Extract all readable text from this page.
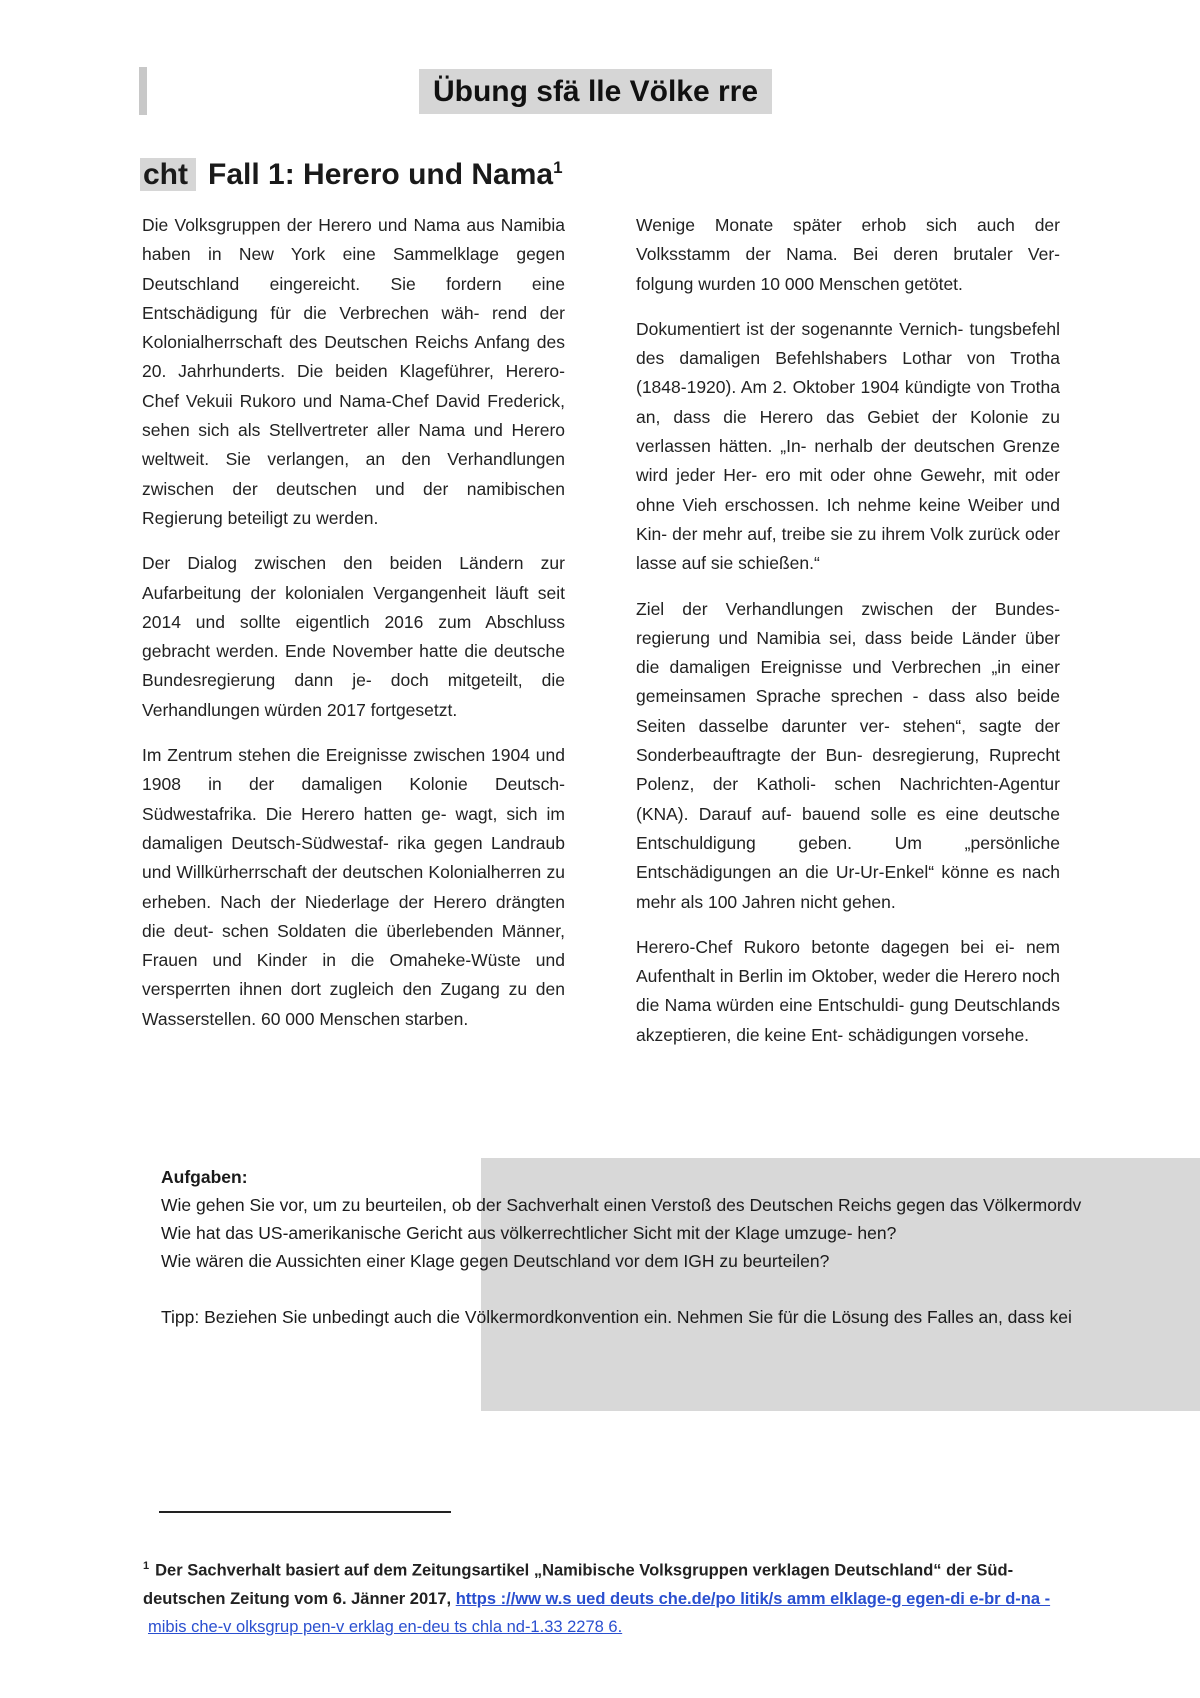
Übung sfä lle Völke rre
cht Fall 1: Herero und Nama$^1$

Die Volksgruppen der Herero und Nama aus Namibia haben in New York eine Sammelklage gegen Deutschland eingereicht. Sie fordern eine Entschädigung für die Verbrechen wäh- rend der Kolonialherrschaft des Deutschen Reichs Anfang des 20. Jahrhunderts. Die beiden Klageführer, Herero-Chef Vekuii Rukoro und Nama-Chef David Frederick, sehen sich als Stellvertreter aller Nama und Herero weltweit. Sie verlangen, an den Verhandlungen zwischen der deutschen und der namibischen Regierung beteiligt zu werden.

Der Dialog zwischen den beiden Ländern zur Aufarbeitung der kolonialen Vergangenheit läuft seit 2014 und sollte eigentlich 2016 zum Abschluss gebracht werden. Ende November hatte die deutsche Bundesregierung dann je- doch mitgeteilt, die Verhandlungen würden 2017 fortgesetzt.

Im Zentrum stehen die Ereignisse zwischen 1904 und 1908 in der damaligen Kolonie Deutsch-Südwestafrika. Die Herero hatten ge- wagt, sich im damaligen Deutsch-Südwestaf- rika gegen Landraub und Willkürherrschaft der deutschen Kolonialherren zu erheben. Nach der Niederlage der Herero drängten die deut- schen Soldaten die überlebenden Männer, Frauen und Kinder in die Omaheke-Wüste und versperrten ihnen dort zugleich den Zugang zu den Wasserstellen. 60 000 Menschen starben.

Wenige Monate später erhob sich auch der Volksstamm der Nama. Bei deren brutaler Ver- folgung wurden 10 000 Menschen getötet.

Dokumentiert ist der sogenannte Vernich- tungsbefehl des damaligen Befehlshabers Lothar von Trotha (1848-1920). Am 2. Oktober 1904 kündigte von Trotha an, dass die Herero das Gebiet der Kolonie zu verlassen hätten. „In- nerhalb der deutschen Grenze wird jeder Her- ero mit oder ohne Gewehr, mit oder ohne Vieh erschossen. Ich nehme keine Weiber und Kin- der mehr auf, treibe sie zu ihrem Volk zurück oder lasse auf sie schießen.“

Ziel der Verhandlungen zwischen der Bundes- regierung und Namibia sei, dass beide Länder über die damaligen Ereignisse und Verbrechen „in einer gemeinsamen Sprache sprechen - dass also beide Seiten dasselbe darunter ver- stehen“, sagte der Sonderbeauftragte der Bun- desregierung, Ruprecht Polenz, der Katholi- schen Nachrichten-Agentur (KNA). Darauf auf- bauend solle es eine deutsche Entschuldigung geben. Um „persönliche Entschädigungen an die Ur-Ur-Enkel“ könne es nach mehr als 100 Jahren nicht gehen.

Herero-Chef Rukoro betonte dagegen bei ei- nem Aufenthalt in Berlin im Oktober, weder die Herero noch die Nama würden eine Entschuldi- gung Deutschlands akzeptieren, die keine Ent- schädigungen vorsehe.

Aufgaben:
Wie gehen Sie vor, um zu beurteilen, ob der Sachverhalt einen Verstoß des Deutschen Reichs gegen das Völkermordv
Wie hat das US-amerikanische Gericht aus völkerrechtlicher Sicht mit der Klage umzuge- hen?
Wie wären die Aussichten einer Klage gegen Deutschland vor dem IGH zu beurteilen?
Tipp: Beziehen Sie unbedingt auch die Völkermordkonvention ein. Nehmen Sie für die Lösung des Falles an, dass kei
$^1$ Der Sachverhalt basiert auf dem Zeitungsartikel „Namibische Volksgruppen verklagen Deutschland“ der Süd- deutschen Zeitung vom 6. Jänner 2017, https ://ww w.s ued deuts che.de/po litik/s amm elklage-g egen-di e-br d-na -
mibis che-v olksgrup pen-v erklag en-deu ts chla nd-1.33 2278 6.
